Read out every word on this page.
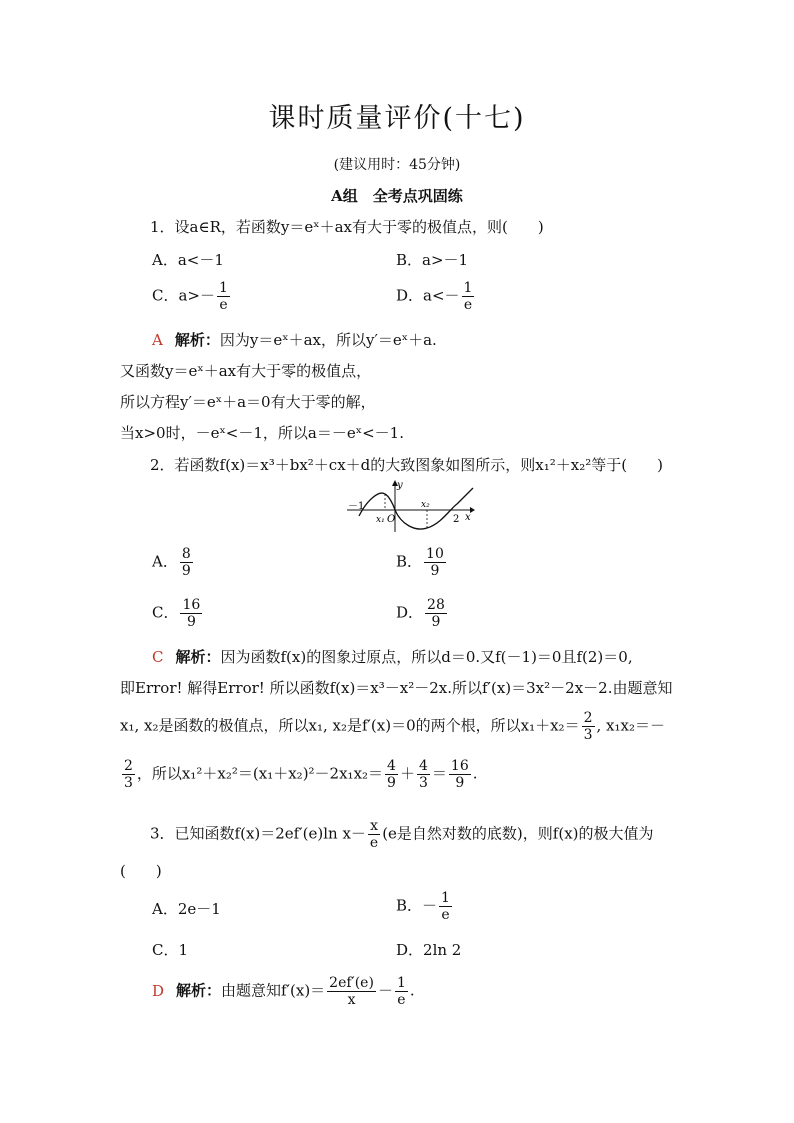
课时质量评价(十七)
(建议用时：45分钟)
A组　全考点巩固练
1．设a∈R，若函数y＝eˣ＋ax有大于零的极值点，则(　　)
A．a<－1	B．a>－1
C．$a>- \frac{1}{e}$	D．$a<- \frac{1}{e}$
A 解析：因为y＝eˣ＋ax，所以y′＝eˣ＋a.
又函数y＝eˣ＋ax有大于零的极值点，
所以方程y′＝eˣ＋a＝0有大于零的解，
当x>0时，－eˣ<－1，所以a＝－eˣ<－1.
2．若函数f(x)＝x³＋bx²＋cx＋d的大致图象如图所示，则x₁²＋x₂²等于(　　)
－1
y
x₁ O
x₂
2 x
A． $\frac{8}{9}$	B． $\frac{10}{9}$
C． $\frac{16}{9}$	D． $\frac{28}{9}$
C 解析：因为函数f(x)的图象过原点，所以d＝0.又f(－1)＝0且f(2)＝0,
即Error! 解得Error! 所以函数f(x)＝x³－x²－2x.所以f′(x)＝3x²－2x－2.由题意知
x₁, x₂是函数的极值点，所以x₁, x₂是f′(x)＝0的两个根，所以$x_1+x_2= \frac{2}{3}$ , x₁x₂＝－
$\frac{2}{3}$ ，所以$x_1^2+x_2^2=(x_1+x_2)^2-2x_1x_2= \frac{4}{9} + \frac{4}{3} = \frac{16}{9}$ .
3．已知函数f(x)＝2ef′(e)ln $x- \frac{x}{e} (e$是自然对数的底数)，则f(x)的极大值为
(　　)
A．2e－1	B．－ $\frac{1}{e}$
C．1	D．2ln 2
D 解析：由题意知$f'(x)= \frac{2ef'(e)}{x} - \frac{1}{e}$ .
